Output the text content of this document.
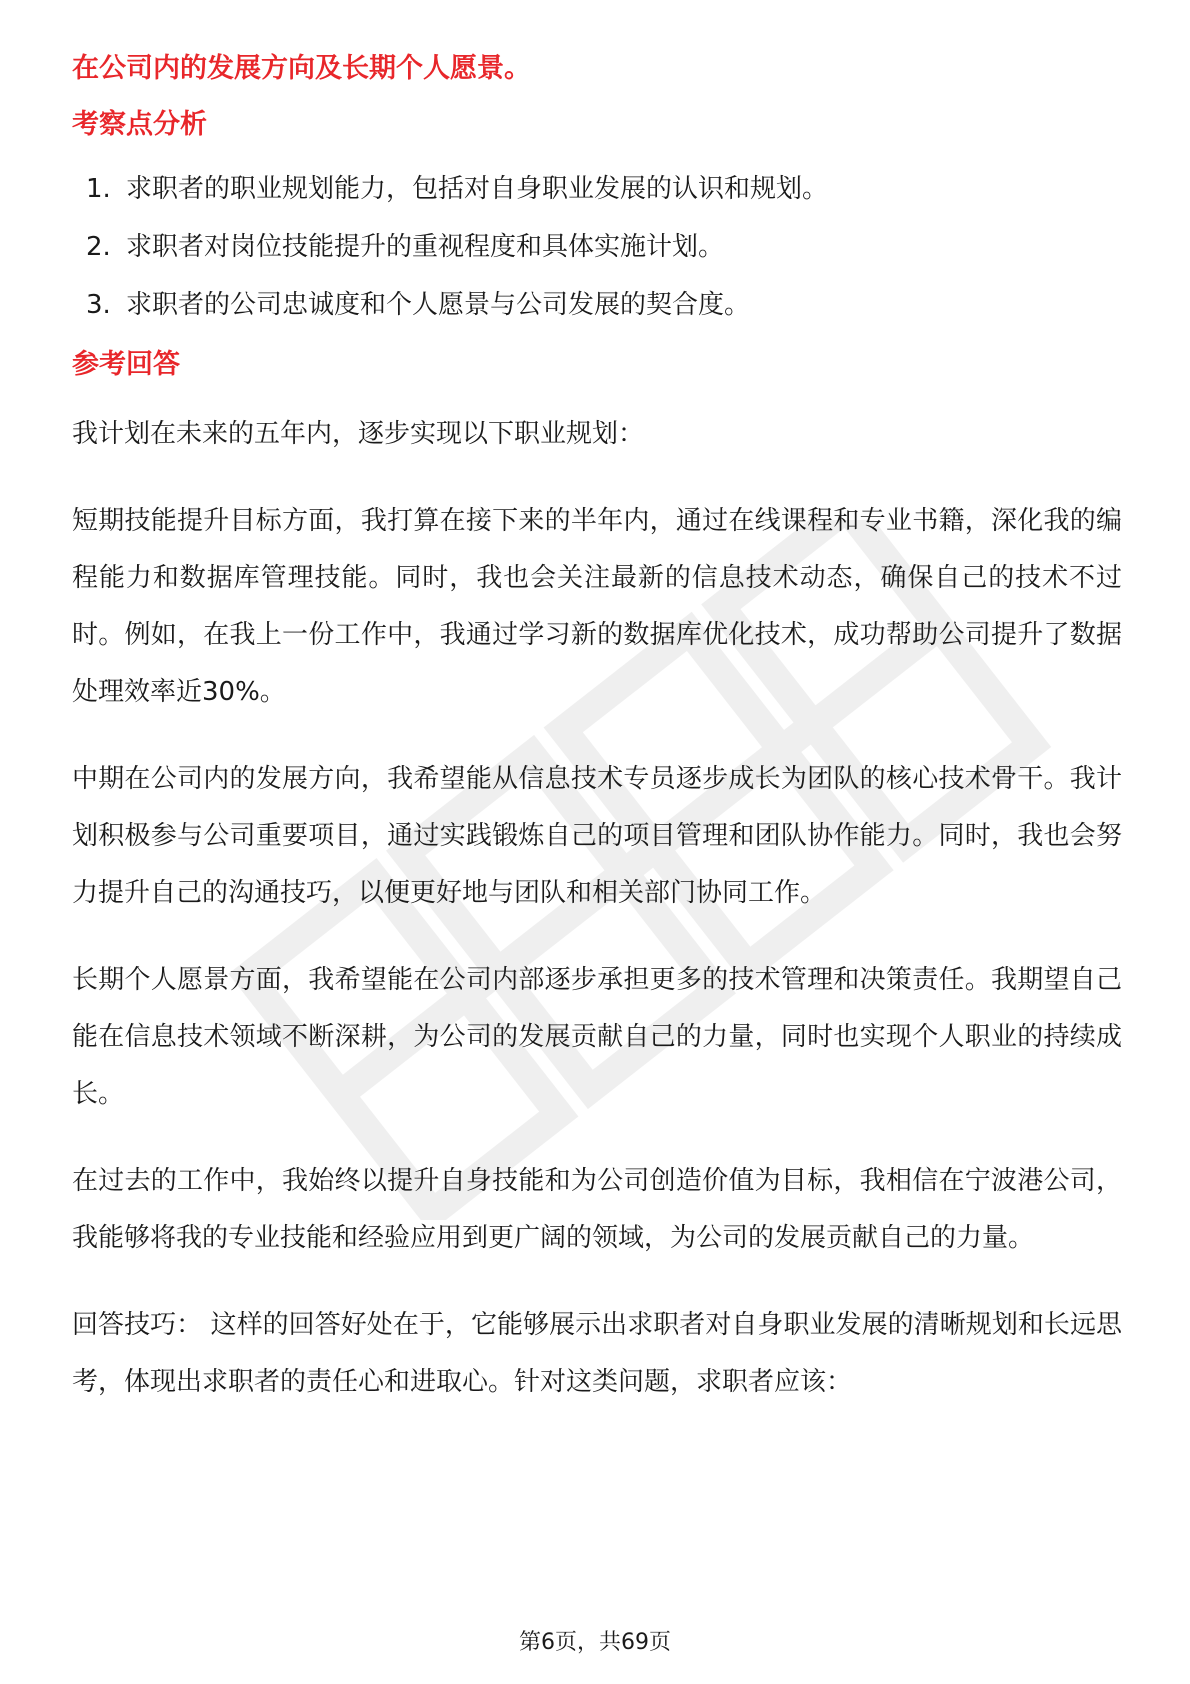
在公司内的发展方向及长期个人愿景。

考察点分析

1. 求职者的职业规划能力，包括对自身职业发展的认识和规划。
2. 求职者对岗位技能提升的重视程度和具体实施计划。
3. 求职者的公司忠诚度和个人愿景与公司发展的契合度。

参考回答

我计划在未来的五年内，逐步实现以下职业规划：

短期技能提升目标方面，我打算在接下来的半年内，通过在线课程和专业书籍，深化我的编程能力和数据库管理技能。同时，我也会关注最新的信息技术动态，确保自己的技术不过时。例如，在我上一份工作中，我通过学习新的数据库优化技术，成功帮助公司提升了数据处理效率近30%。

中期在公司内的发展方向，我希望能从信息技术专员逐步成长为团队的核心技术骨干。我计划积极参与公司重要项目，通过实践锻炼自己的项目管理和团队协作能力。同时，我也会努力提升自己的沟通技巧，以便更好地与团队和相关部门协同工作。

长期个人愿景方面，我希望能在公司内部逐步承担更多的技术管理和决策责任。我期望自己能在信息技术领域不断深耕，为公司的发展贡献自己的力量，同时也实现个人职业的持续成长。

在过去的工作中，我始终以提升自身技能和为公司创造价值为目标，我相信在宁波港公司，我能够将我的专业技能和经验应用到更广阔的领域，为公司的发展贡献自己的力量。

回答技巧： 这样的回答好处在于，它能够展示出求职者对自身职业发展的清晰规划和长远思考，体现出求职者的责任心和进取心。针对这类问题，求职者应该：

第6页，共69页
